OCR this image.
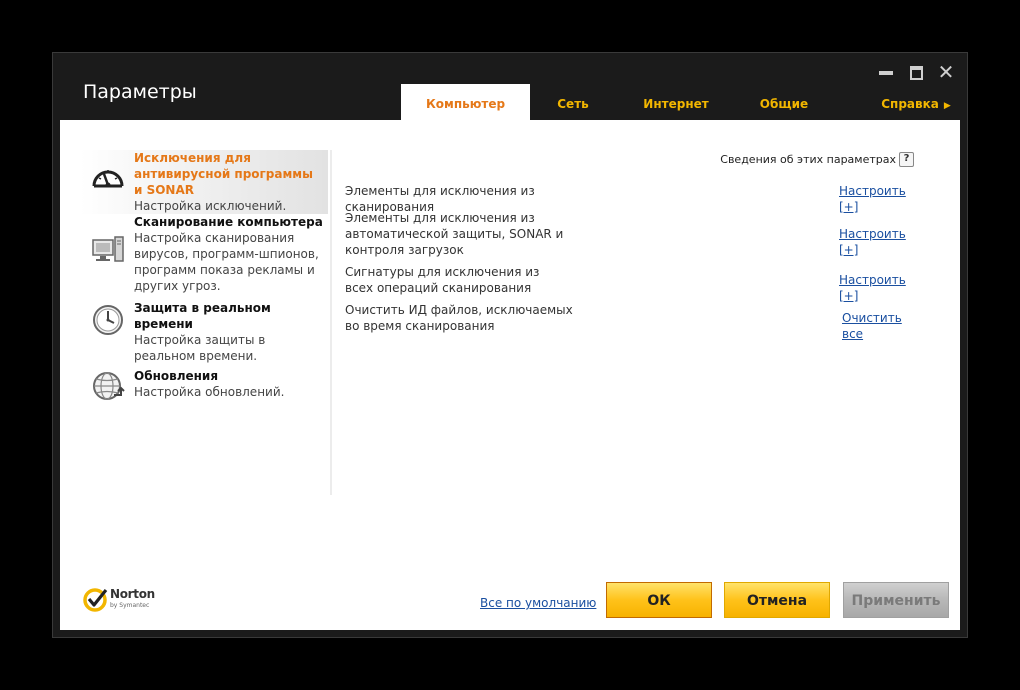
Параметры
✕
Компьютер	Сеть	Интернет	Общие	Справка ▶
Исключения для антивирусной программы и SONAR
Настройка исключений.
Сканирование компьютера
Настройка сканирования вирусов, программ-шпионов, программ показа рекламы и других угроз.
Защита в реальном времени
Настройка защиты в реальном времени.
Обновления
Настройка обновлений.
Сведения об этих параметрах ?
Элементы для исключения из сканирования
Настроить [+]
Элементы для исключения из автоматической защиты, SONAR и контроля загрузок
Настроить [+]
Сигнатуры для исключения из всех операций сканирования
Настроить [+]
Очистить ИД файлов, исключаемых во время сканирования
Очистить все
Norton
by Symantec	Все по умолчанию	ОК	Отмена	Применить
